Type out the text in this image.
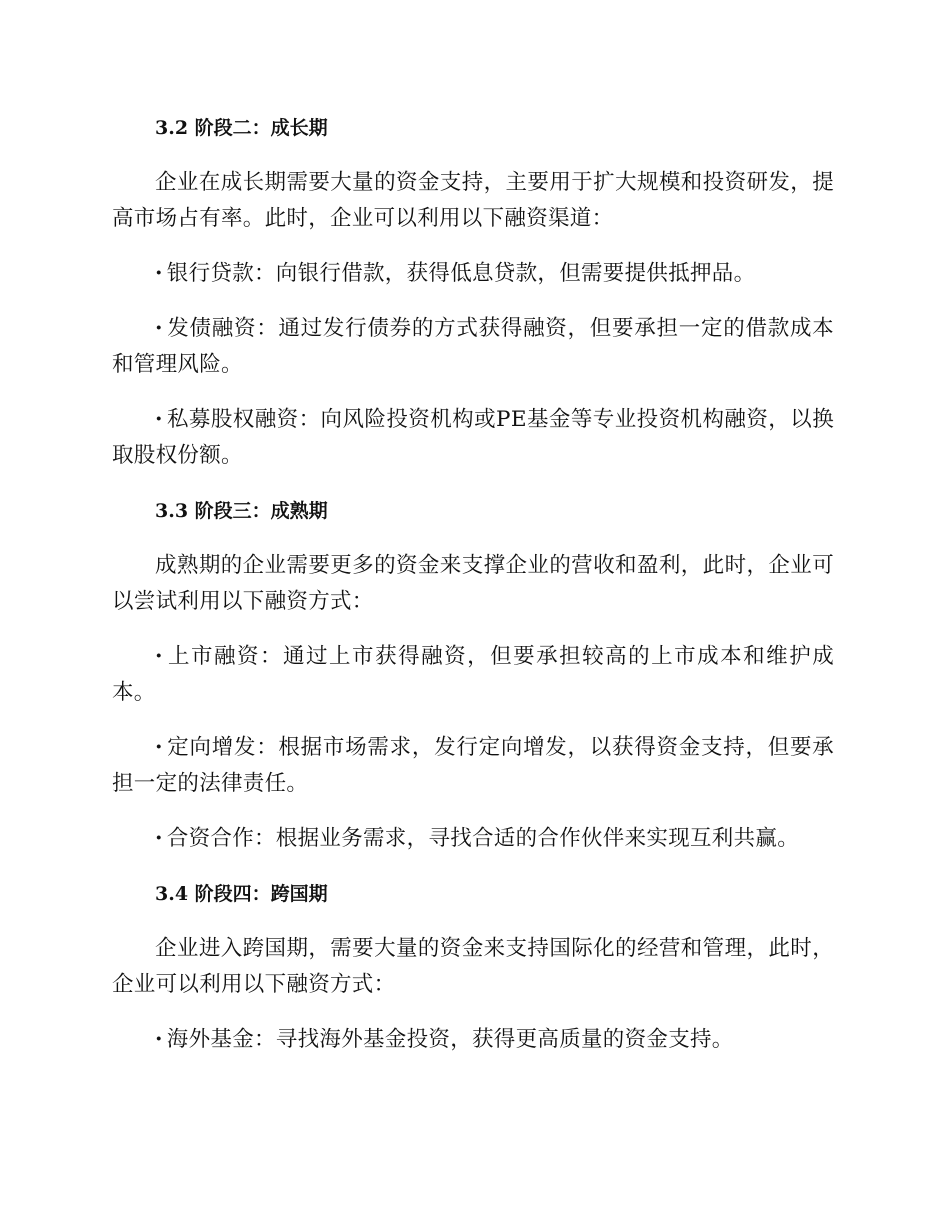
3.2 阶段二：成长期

企业在成长期需要大量的资金支持，主要用于扩大规模和投资研发，提高市场占有率。此时，企业可以利用以下融资渠道：

· 银行贷款：向银行借款，获得低息贷款，但需要提供抵押品。

· 发债融资：通过发行债券的方式获得融资，但要承担一定的借款成本和管理风险。

· 私募股权融资：向风险投资机构或PE基金等专业投资机构融资，以换取股权份额。

3.3 阶段三：成熟期

成熟期的企业需要更多的资金来支撑企业的营收和盈利，此时，企业可以尝试利用以下融资方式：

· 上市融资：通过上市获得融资，但要承担较高的上市成本和维护成本。

· 定向增发：根据市场需求，发行定向增发，以获得资金支持，但要承担一定的法律责任。

· 合资合作：根据业务需求，寻找合适的合作伙伴来实现互利共赢。

3.4 阶段四：跨国期

企业进入跨国期，需要大量的资金来支持国际化的经营和管理，此时，企业可以利用以下融资方式：

· 海外基金：寻找海外基金投资，获得更高质量的资金支持。
